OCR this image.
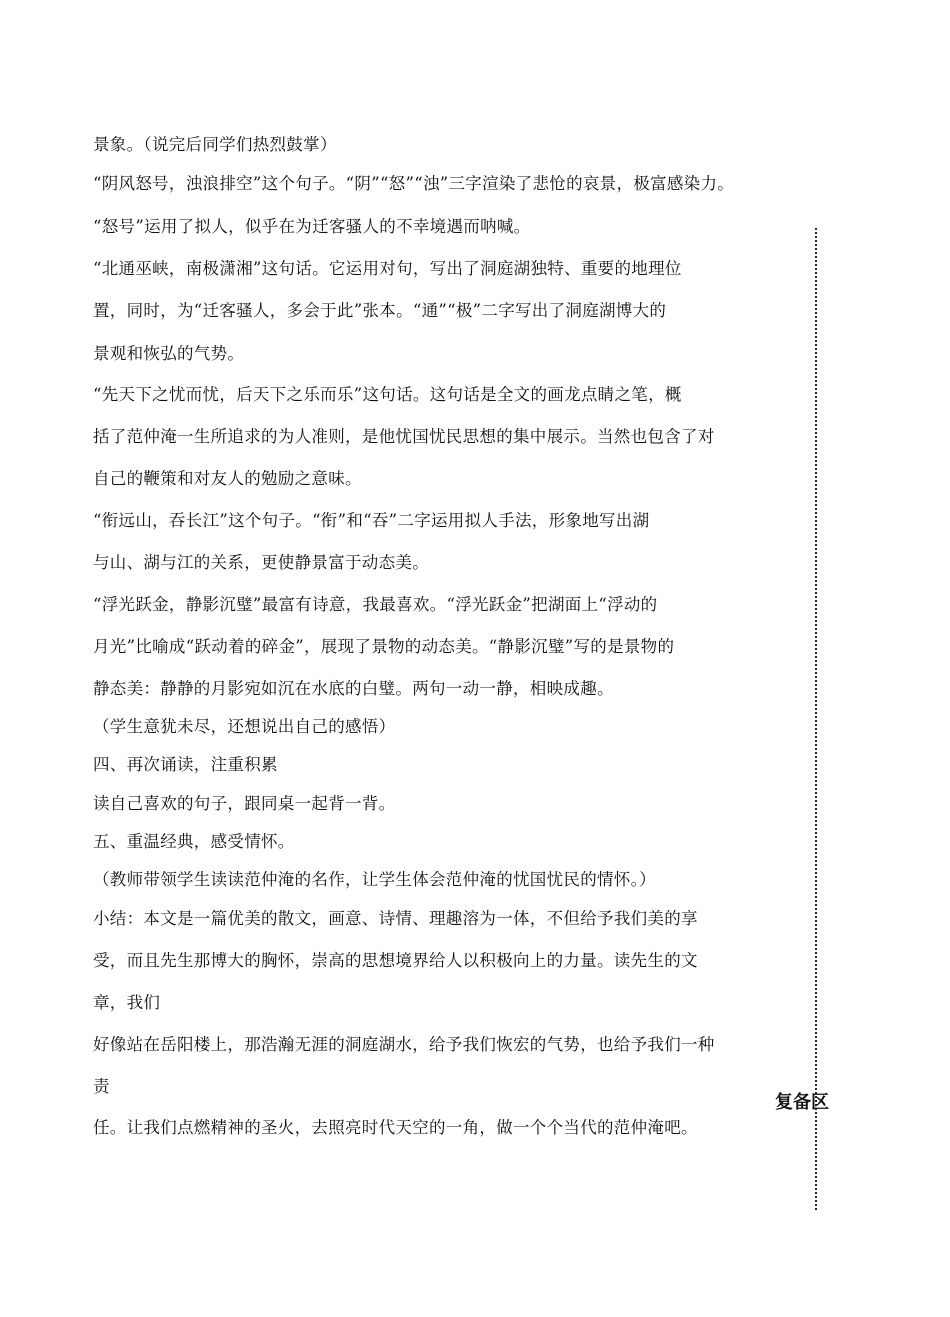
景象。（说完后同学们热烈鼓掌）
“阴风怒号，浊浪排空”这个句子。“阴”“怒”“浊”三字渲染了悲怆的哀景，极富感染力。
“怒号”运用了拟人，似乎在为迁客骚人的不幸境遇而呐喊。
“北通巫峡，南极潇湘”这句话。它运用对句，写出了洞庭湖独特、重要的地理位
置，同时，为“迁客骚人，多会于此”张本。“通”“极”二字写出了洞庭湖博大的
景观和恢弘的气势。
“先天下之忧而忧，后天下之乐而乐”这句话。这句话是全文的画龙点睛之笔，概
括了范仲淹一生所追求的为人准则，是他忧国忧民思想的集中展示。当然也包含了对
自己的鞭策和对友人的勉励之意味。
“衔远山，吞长江”这个句子。“衔”和“吞”二字运用拟人手法，形象地写出湖
与山、湖与江的关系，更使静景富于动态美。
“浮光跃金，静影沉璧”最富有诗意，我最喜欢。“浮光跃金”把湖面上“浮动的
月光”比喻成“跃动着的碎金”，展现了景物的动态美。“静影沉璧”写的是景物的
静态美：静静的月影宛如沉在水底的白璧。两句一动一静，相映成趣。
（学生意犹未尽，还想说出自己的感悟）
四、再次诵读，注重积累
读自己喜欢的句子，跟同桌一起背一背。
五、重温经典，感受情怀。
（教师带领学生读读范仲淹的名作，让学生体会范仲淹的忧国忧民的情怀。）
小结：本文是一篇优美的散文，画意、诗情、理趣溶为一体，不但给予我们美的享
受，而且先生那博大的胸怀，崇高的思想境界给人以积极向上的力量。读先生的文
章，我们
好像站在岳阳楼上，那浩瀚无涯的洞庭湖水，给予我们恢宏的气势，也给予我们一种
责
任。让我们点燃精神的圣火，去照亮时代天空的一角，做一个个当代的范仲淹吧。
复备区
